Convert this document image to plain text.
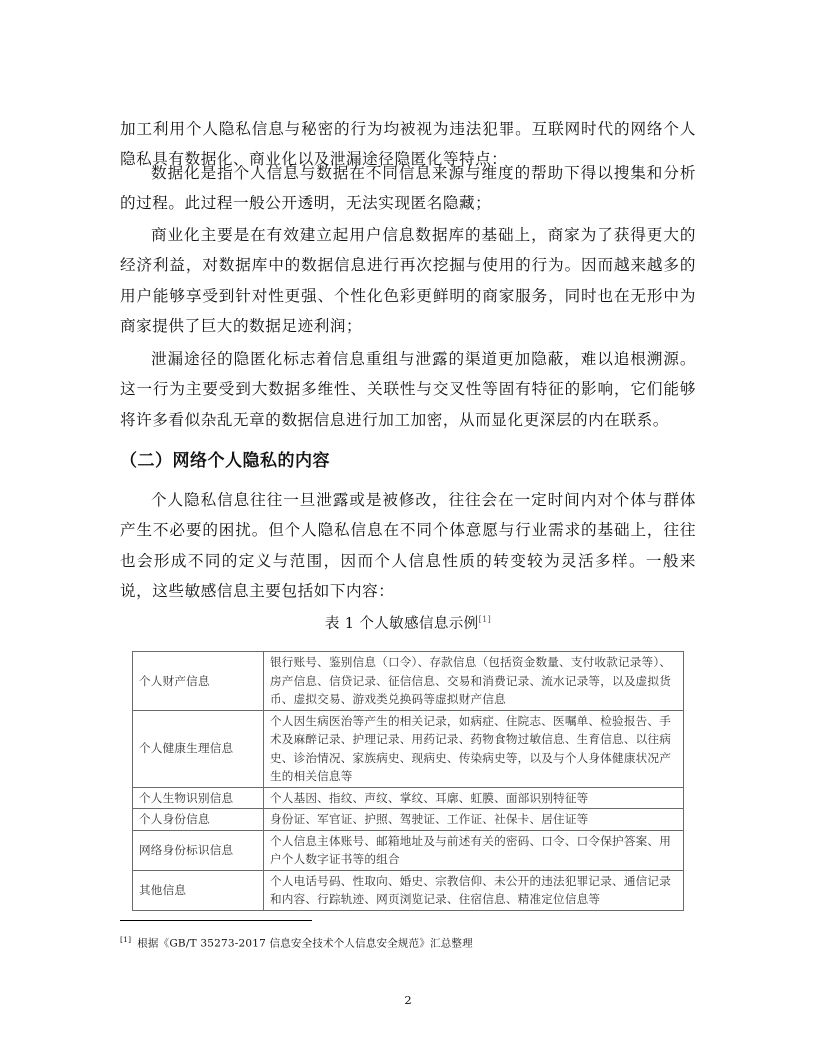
加工利用个人隐私信息与秘密的行为均被视为违法犯罪。互联网时代的网络个人隐私具有数据化、商业化以及泄漏途径隐匿化等特点：

数据化是指个人信息与数据在不同信息来源与维度的帮助下得以搜集和分析的过程。此过程一般公开透明，无法实现匿名隐藏；

商业化主要是在有效建立起用户信息数据库的基础上，商家为了获得更大的经济利益，对数据库中的数据信息进行再次挖掘与使用的行为。因而越来越多的用户能够享受到针对性更强、个性化色彩更鲜明的商家服务，同时也在无形中为商家提供了巨大的数据足迹利润；

泄漏途径的隐匿化标志着信息重组与泄露的渠道更加隐蔽，难以追根溯源。这一行为主要受到大数据多维性、关联性与交叉性等固有特征的影响，它们能够将许多看似杂乱无章的数据信息进行加工加密，从而显化更深层的内在联系。

（二）网络个人隐私的内容

个人隐私信息往往一旦泄露或是被修改，往往会在一定时间内对个体与群体产生不必要的困扰。但个人隐私信息在不同个体意愿与行业需求的基础上，往往也会形成不同的定义与范围，因而个人信息性质的转变较为灵活多样。一般来说，这些敏感信息主要包括如下内容：

表 1 个人敏感信息示例[1]

个人财产信息	银行账号、鉴别信息（口令）、存款信息（包括资金数量、支付收款记录等）、房产信息、信贷记录、征信信息、交易和消费记录、流水记录等，以及虚拟货币、虚拟交易、游戏类兑换码等虚拟财产信息
个人健康生理信息	个人因生病医治等产生的相关记录，如病症、住院志、医嘱单、检验报告、手术及麻醉记录、护理记录、用药记录、药物食物过敏信息、生育信息、以往病史、诊治情况、家族病史、现病史、传染病史等，以及与个人身体健康状况产生的相关信息等
个人生物识别信息	个人基因、指纹、声纹、掌纹、耳廓、虹膜、面部识别特征等
个人身份信息	身份证、军官证、护照、驾驶证、工作证、社保卡、居住证等
网络身份标识信息	个人信息主体账号、邮箱地址及与前述有关的密码、口令、口令保护答案、用户个人数字证书等的组合
其他信息	个人电话号码、性取向、婚史、宗教信仰、未公开的违法犯罪记录、通信记录和内容、行踪轨迹、网页浏览记录、住宿信息、精准定位信息等

[1] 根据《GB/T 35273-2017 信息安全技术个人信息安全规范》汇总整理

2
